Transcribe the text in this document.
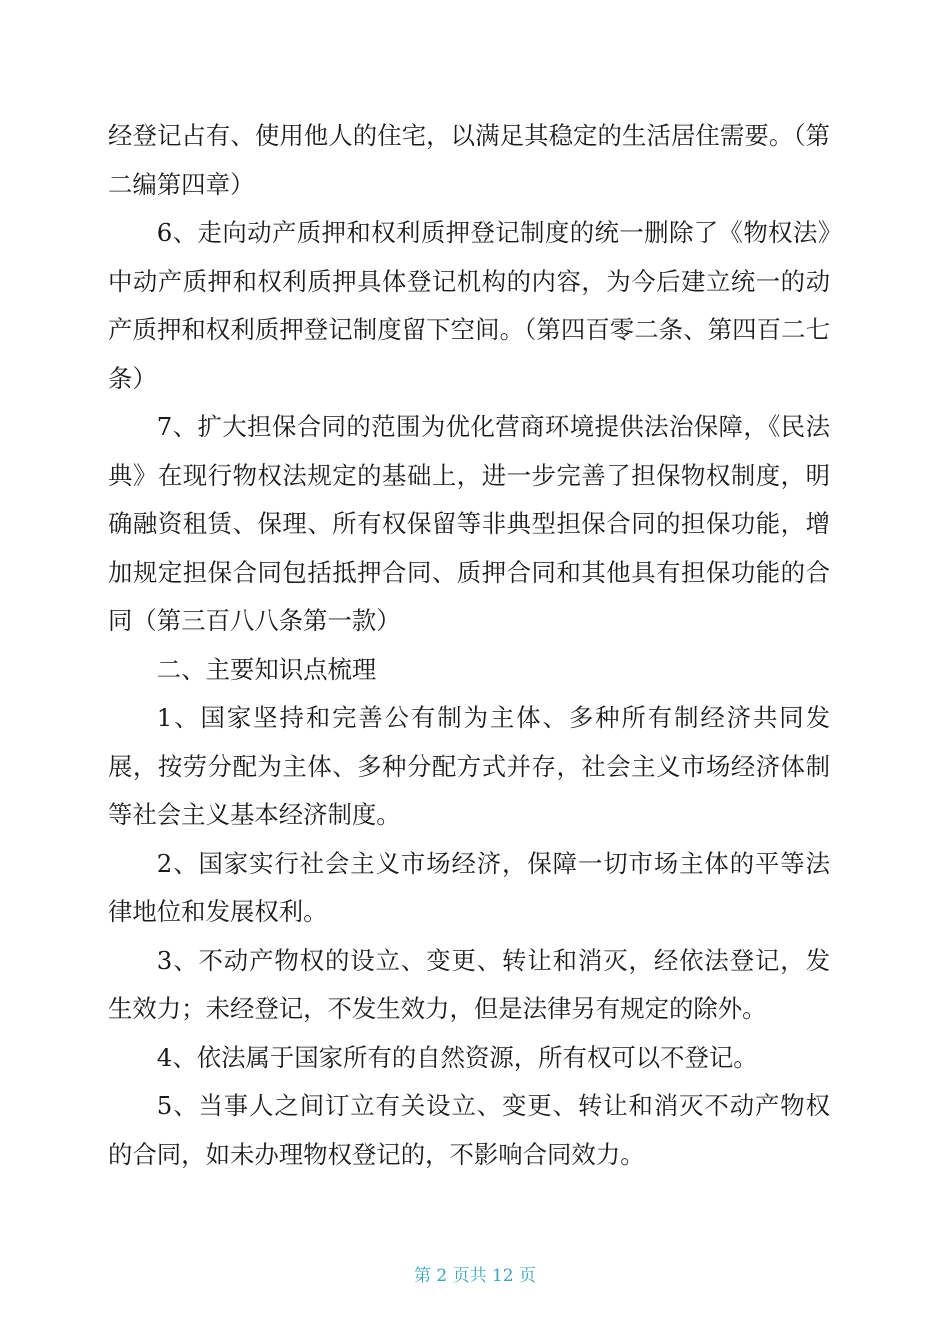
经登记占有、使用他人的住宅，以满足其稳定的生活居住需要。（第二编第四章）

6、走向动产质押和权利质押登记制度的统一删除了《物权法》中动产质押和权利质押具体登记机构的内容，为今后建立统一的动产质押和权利质押登记制度留下空间。（第四百零二条、第四百二七条）

7、扩大担保合同的范围为优化营商环境提供法治保障，《民法典》在现行物权法规定的基础上，进一步完善了担保物权制度，明确融资租赁、保理、所有权保留等非典型担保合同的担保功能，增加规定担保合同包括抵押合同、质押合同和其他具有担保功能的合同（第三百八八条第一款）

二、主要知识点梳理

1、国家坚持和完善公有制为主体、多种所有制经济共同发展，按劳分配为主体、多种分配方式并存，社会主义市场经济体制等社会主义基本经济制度。

2、国家实行社会主义市场经济，保障一切市场主体的平等法律地位和发展权利。

3、不动产物权的设立、变更、转让和消灭，经依法登记，发生效力；未经登记，不发生效力，但是法律另有规定的除外。

4、依法属于国家所有的自然资源，所有权可以不登记。

5、当事人之间订立有关设立、变更、转让和消灭不动产物权的合同，如未办理物权登记的，不影响合同效力。

第 2 页共 12 页
